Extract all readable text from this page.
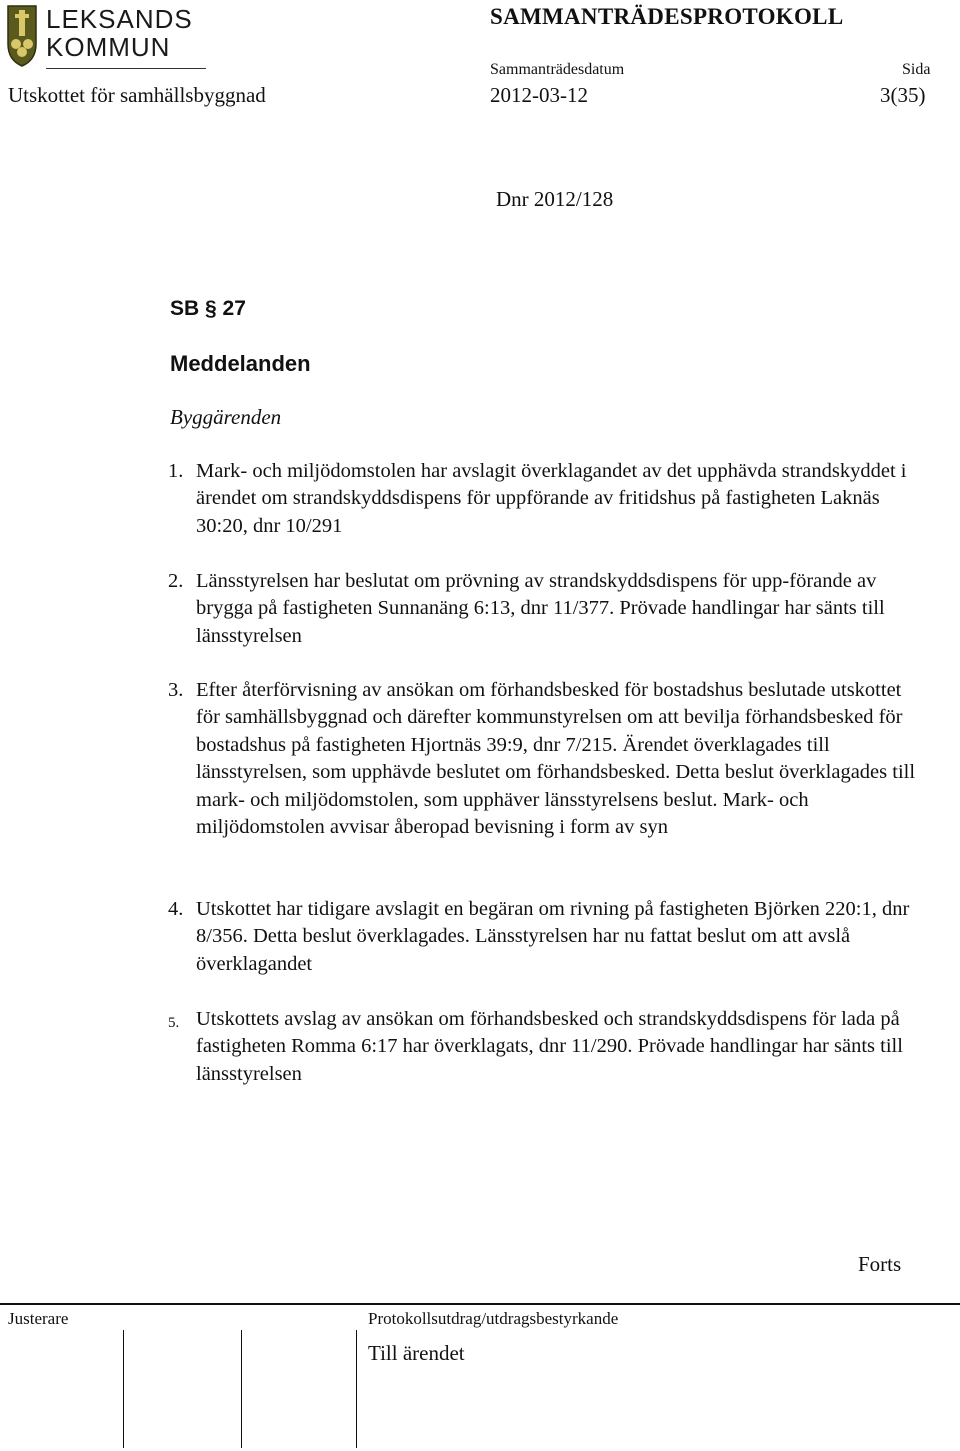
LEKSANDS
KOMMUN
SAMMANTRÄDESPROTOKOLL
Sammanträdesdatum	Sida
Utskottet för samhällsbyggnad	2012-03-12	3(35)
Dnr 2012/128
SB § 27
Meddelanden
Byggärenden
1. Mark- och miljödomstolen har avslagit överklagandet av det upphävda strandskyddet i ärendet om strandskyddsdispens för uppförande av fritidshus på fastigheten Laknäs 30:20, dnr 10/291
2. Länsstyrelsen har beslutat om prövning av strandskyddsdispens för upp-förande av brygga på fastigheten Sunnanäng 6:13, dnr 11/377. Prövade handlingar har sänts till länsstyrelsen
3. Efter återförvisning av ansökan om förhandsbesked för bostadshus beslutade utskottet för samhällsbyggnad och därefter kommunstyrelsen om att bevilja förhandsbesked för bostadshus på fastigheten Hjortnäs 39:9, dnr 7/215. Ärendet överklagades till länsstyrelsen, som upphävde beslutet om förhandsbesked. Detta beslut överklagades till mark- och miljödomstolen, som upphäver länsstyrelsens beslut. Mark- och miljödomstolen avvisar åberopad bevisning i form av syn
4. Utskottet har tidigare avslagit en begäran om rivning på fastigheten Björken 220:1, dnr 8/356. Detta beslut överklagades. Länsstyrelsen har nu fattat beslut om att avslå överklagandet
5. Utskottets avslag av ansökan om förhandsbesked och strandskyddsdispens för lada på fastigheten Romma 6:17 har överklagats, dnr 11/290. Prövade handlingar har sänts till länsstyrelsen
Forts
Justerare	Protokollsutdrag/utdragsbestyrkande
Till ärendet
